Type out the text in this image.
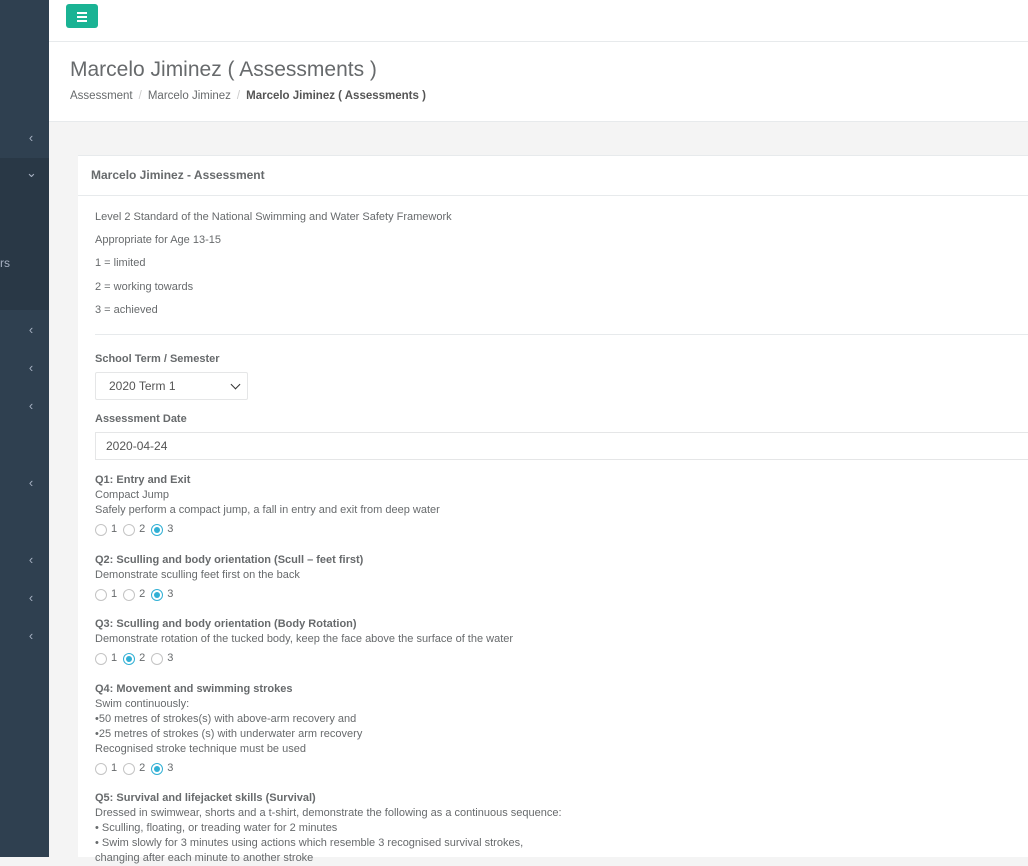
‹
⌄
rs
‹
‹
‹
‹
‹
‹
‹
Marcelo Jiminez ( Assessments )
Assessment / Marcelo Jiminez / Marcelo Jiminez ( Assessments )
Marcelo Jiminez - Assessment
Level 2 Standard of the National Swimming and Water Safety Framework
Appropriate for Age 13-15
1 = limited
2 = working towards
3 = achieved
School Term / Semester
2020 Term 1
Assessment Date
2020-04-24
Q1: Entry and Exit
Compact Jump
Safely perform a compact jump, a fall in entry and exit from deep water
1 2 3
Q2: Sculling and body orientation (Scull – feet first)
Demonstrate sculling feet first on the back
1 2 3
Q3: Sculling and body orientation (Body Rotation)
Demonstrate rotation of the tucked body, keep the face above the surface of the water
1 2 3
Q4: Movement and swimming strokes
Swim continuously:
•50 metres of strokes(s) with above-arm recovery and
•25 metres of strokes (s) with underwater arm recovery
Recognised stroke technique must be used
1 2 3
Q5: Survival and lifejacket skills (Survival)
Dressed in swimwear, shorts and a t-shirt, demonstrate the following as a continuous sequence:
• Sculling, floating, or treading water for 2 minutes
• Swim slowly for 3 minutes using actions which resemble 3 recognised survival strokes,
changing after each minute to another stroke
